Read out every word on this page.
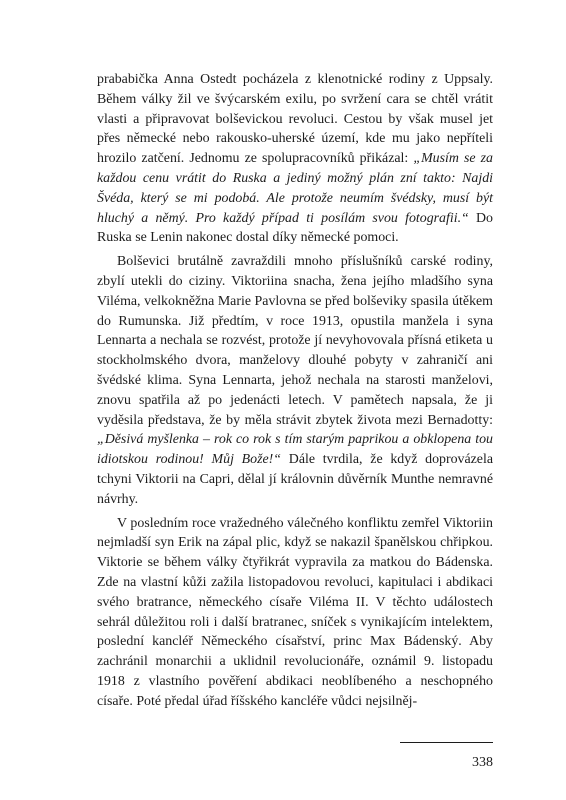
prababička Anna Ostedt pocházela z klenotnické rodiny z Uppsaly. Během války žil ve švýcarském exilu, po svržení cara se chtěl vrátit vlasti a připravovat bolševickou revoluci. Cestou by však musel jet přes německé nebo rakousko-uherské území, kde mu jako nepříteli hrozilo zatčení. Jednomu ze spolupracovníků přikázal: „Musím se za každou cenu vrátit do Ruska a jediný možný plán zní takto: Najdi Švéda, který se mi podobá. Ale protože neumím švédsky, musí být hluchý a němý. Pro každý případ ti posílám svou fotografii.“ Do Ruska se Lenin nakonec dostal díky německé pomoci.

Bolševici brutálně zavraždili mnoho příslušníků carské rodiny, zbylí utekli do ciziny. Viktoriina snacha, žena jejího mladšího syna Viléma, velkokněžna Marie Pavlovna se před bolševiky spasila útěkem do Rumunska. Již předtím, v roce 1913, opustila manžela i syna Lennarta a nechala se rozvést, protože jí nevyhovovala přísná etiketa u stockholmského dvora, manželovy dlouhé pobyty v zahraničí ani švédské klima. Syna Lennarta, jehož nechala na starosti manželovi, znovu spatřila až po jedenácti letech. V pamětech napsala, že ji vyděsila představa, že by měla strávit zbytek života mezi Bernadotty: „Děsivá myšlenka – rok co rok s tím starým paprikou a obklopena tou idiotskou rodinou! Můj Bože!“ Dále tvrdila, že když doprovázela tchyni Viktorii na Capri, dělal jí královnin důvěrník Munthe nemravné návrhy.

V posledním roce vražedného válečného konfliktu zemřel Viktoriin nejmladší syn Erik na zápal plic, když se nakazil španělskou chřipkou. Viktorie se během války čtyřikrát vypravila za matkou do Bádenska. Zde na vlastní kůži zažila listopadovou revoluci, kapitulaci i abdikaci svého bratrance, německého císaře Viléma II. V těchto událostech sehrál důležitou roli i další bratranec, sníček s vynikajícím intelektem, poslední kancléř Německého císařství, princ Max Bádenský. Aby zachránil monarchii a uklidnil revolucionáře, oznámil 9. listopadu 1918 z vlastního pověření abdikaci neoblíbeného a neschopného císaře. Poté předal úřad říšského kancléře vůdci nejsilněj-

338
